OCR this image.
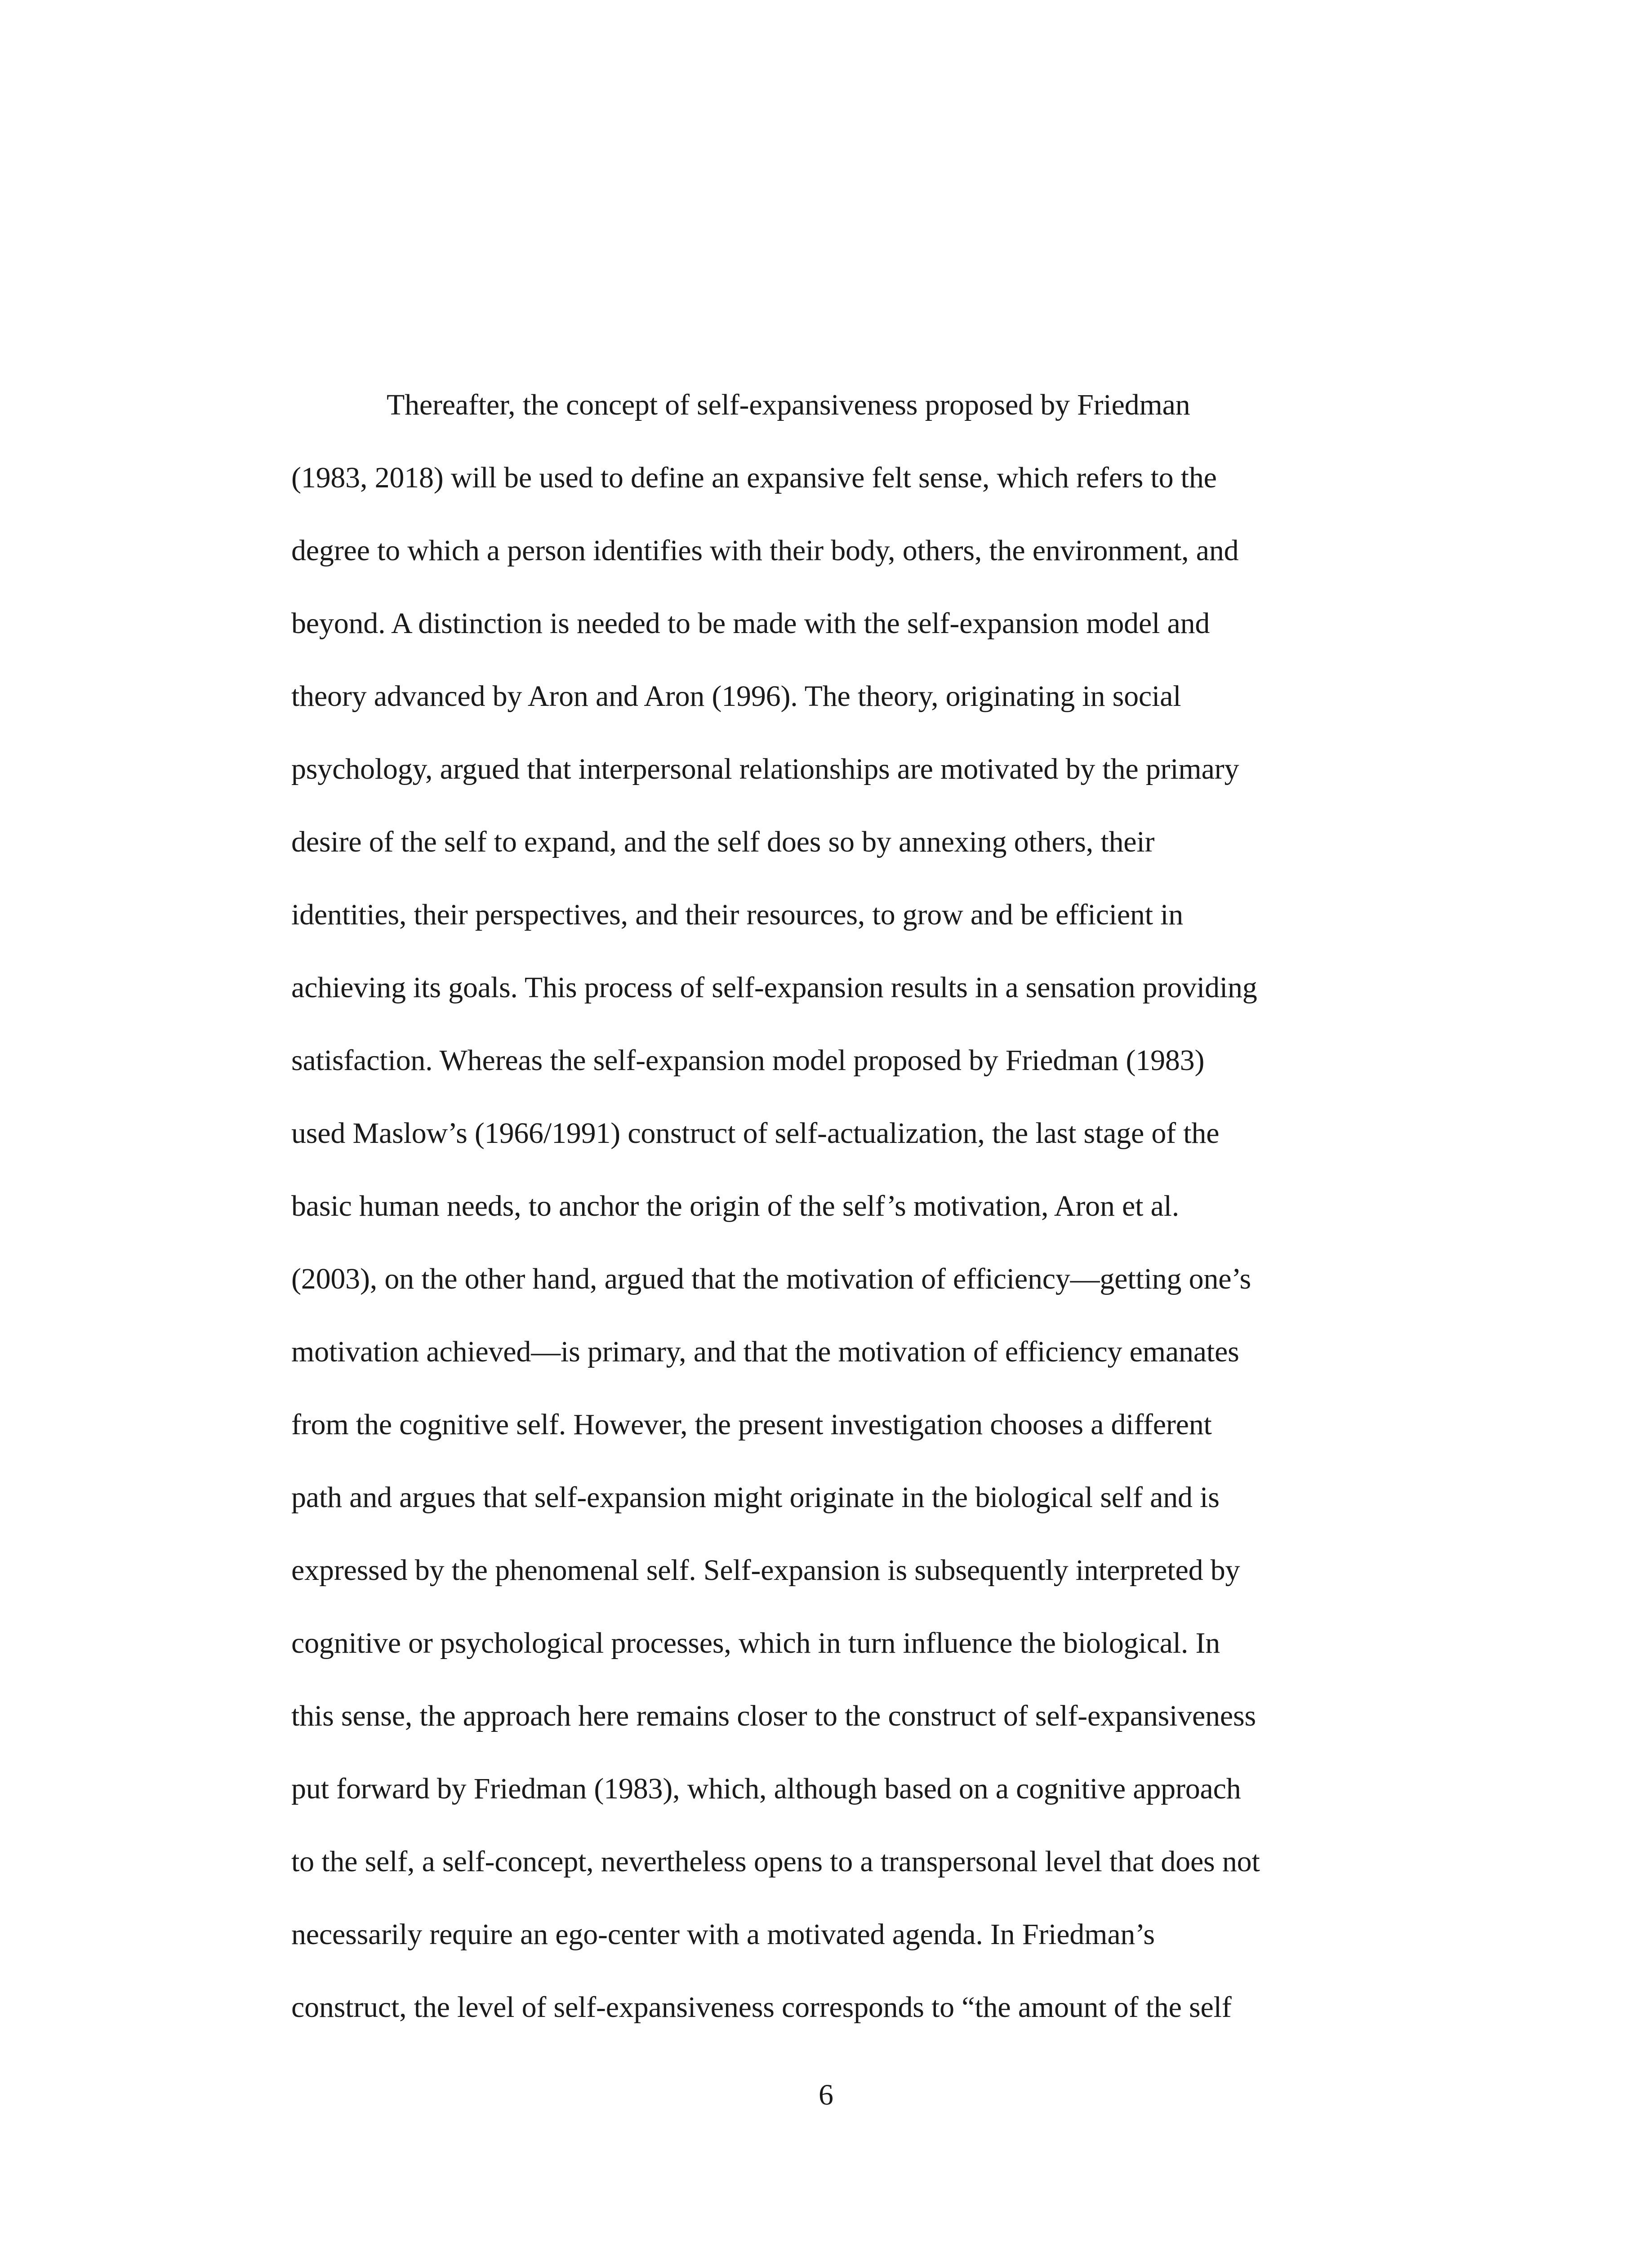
Thereafter, the concept of self-expansiveness proposed by Friedman
(1983, 2018) will be used to define an expansive felt sense, which refers to the
degree to which a person identifies with their body, others, the environment, and
beyond. A distinction is needed to be made with the self-expansion model and
theory advanced by Aron and Aron (1996). The theory, originating in social
psychology, argued that interpersonal relationships are motivated by the primary
desire of the self to expand, and the self does so by annexing others, their
identities, their perspectives, and their resources, to grow and be efficient in
achieving its goals. This process of self-expansion results in a sensation providing
satisfaction. Whereas the self-expansion model proposed by Friedman (1983)
used Maslow’s (1966/1991) construct of self-actualization, the last stage of the
basic human needs, to anchor the origin of the self’s motivation, Aron et al.
(2003), on the other hand, argued that the motivation of efficiency—getting one’s
motivation achieved—is primary, and that the motivation of efficiency emanates
from the cognitive self. However, the present investigation chooses a different
path and argues that self-expansion might originate in the biological self and is
expressed by the phenomenal self. Self-expansion is subsequently interpreted by
cognitive or psychological processes, which in turn influence the biological. In
this sense, the approach here remains closer to the construct of self-expansiveness
put forward by Friedman (1983), which, although based on a cognitive approach
to the self, a self-concept, nevertheless opens to a transpersonal level that does not
necessarily require an ego-center with a motivated agenda. In Friedman’s
construct, the level of self-expansiveness corresponds to “the amount of the self
6
